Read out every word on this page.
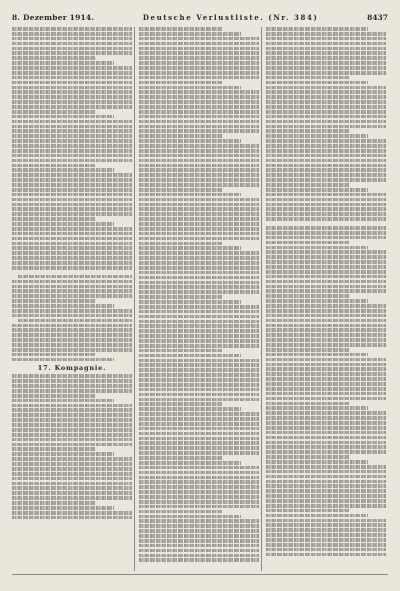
8. Dezember 1914.	Deutsche Verlustliste. (Nr. 384)	8437
17. Kompagnie.
